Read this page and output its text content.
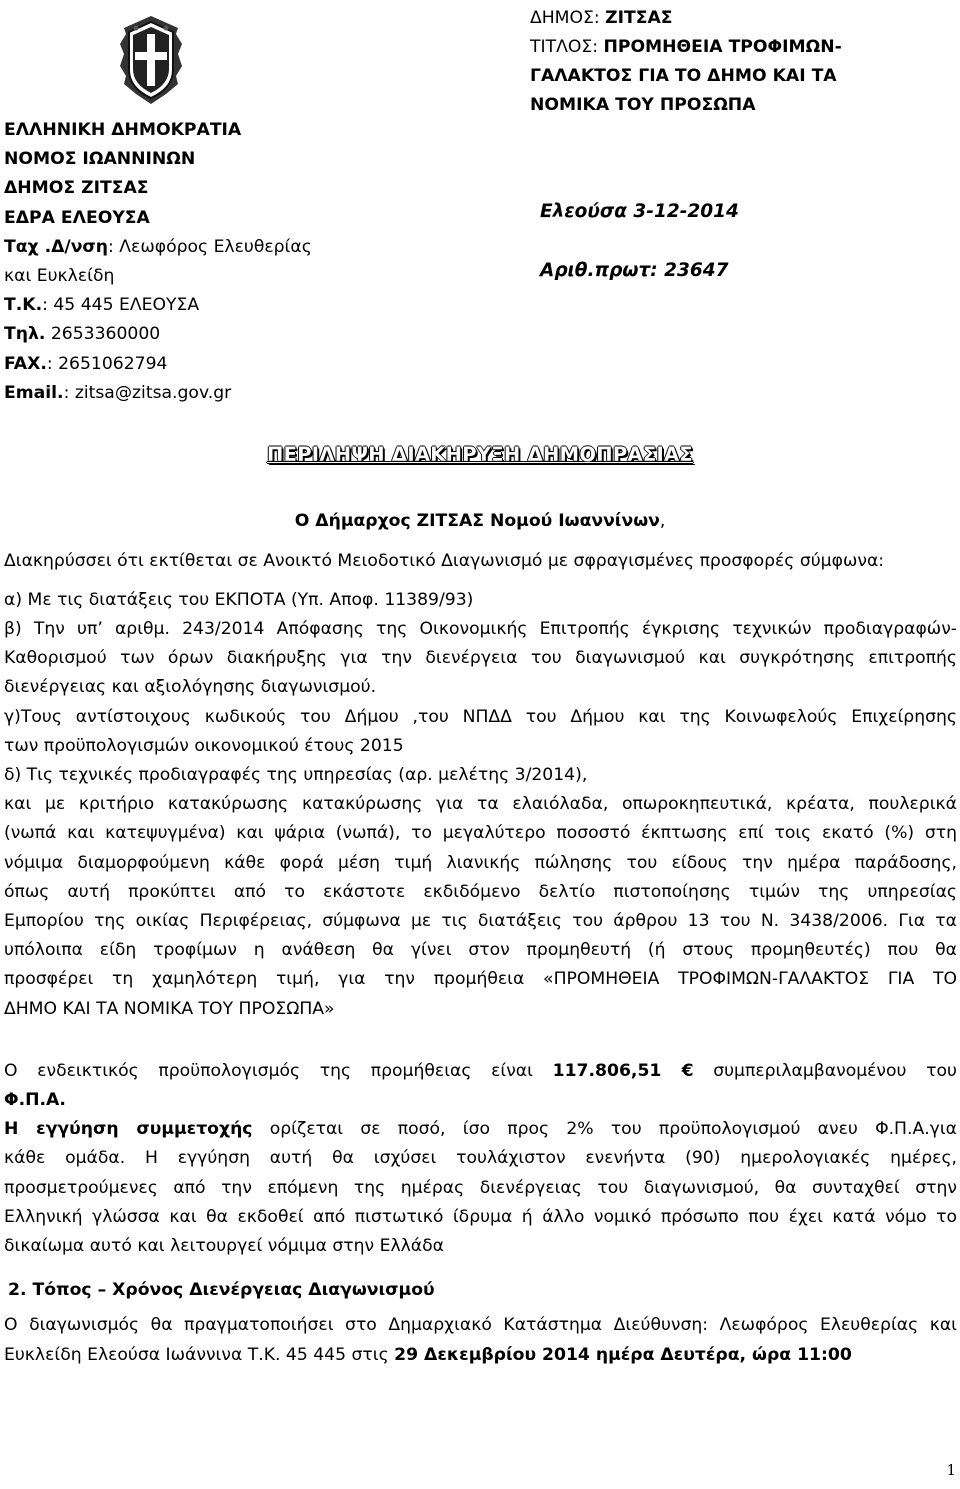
ΕΛΛΗΝΙΚΗ ΔΗΜΟΚΡΑΤΙΑ
ΝΟΜΟΣ ΙΩΑΝΝΙΝΩΝ
ΔΗΜΟΣ ΖΙΤΣΑΣ
ΕΔΡΑ ΕΛΕΟΥΣΑ
Ταχ .Δ/νση: Λεωφόρος Ελευθερίας
και Ευκλείδη
Τ.Κ.: 45 445 ΕΛΕΟΥΣΑ
Τηλ. 2653360000
FAX.: 2651062794
Email.: zitsa@zitsa.gov.gr
ΔΗΜΟΣ: ΖΙΤΣΑΣ
ΤΙΤΛΟΣ: ΠΡΟΜΗΘΕΙΑ ΤΡΟΦΙΜΩΝ-
ΓΑΛΑΚΤΟΣ ΓΙΑ ΤΟ ΔΗΜΟ ΚΑΙ ΤΑ
ΝΟΜΙΚΑ ΤΟΥ ΠΡΟΣΩΠΑ
Ελεούσα 3-12-2014
Αριθ.πρωτ: 23647
ΠΕΡΙΛΗΨΗ ΔΙΑΚΗΡΥΞΗ ΔΗΜΟΠΡΑΣΙΑΣ
Ο Δήμαρχος ΖΙΤΣΑΣ Νομού Ιωαννίνων,
Διακηρύσσει ότι εκτίθεται σε Ανοικτό Μειοδοτικό Διαγωνισμό με σφραγισμένες προσφορές σύμφωνα:
α) Με τις διατάξεις του ΕΚΠΟΤΑ (Υπ. Αποφ. 11389/93)
β) Την υπ’ αριθμ. 243/2014 Απόφασης της Οικονομικής Επιτροπής έγκρισης τεχνικών προδιαγραφών-
Καθορισμού των όρων διακήρυξης για την διενέργεια του διαγωνισμού και συγκρότησης επιτροπής
διενέργειας και αξιολόγησης διαγωνισμού.
γ)Τους αντίστοιχους κωδικούς του Δήμου ,του ΝΠΔΔ του Δήμου και της Κοινωφελούς Επιχείρησης
των προϋπολογισμών οικονομικού έτους 2015
δ) Τις τεχνικές προδιαγραφές της υπηρεσίας (αρ. μελέτης 3/2014),
και με κριτήριο κατακύρωσης κατακύρωσης για τα ελαιόλαδα, οπωροκηπευτικά, κρέατα, πουλερικά
(νωπά και κατεψυγμένα) και ψάρια (νωπά), το μεγαλύτερο ποσοστό έκπτωσης επί τοις εκατό (%) στη
νόμιμα διαμορφούμενη κάθε φορά μέση τιμή λιανικής πώλησης του είδους την ημέρα παράδοσης,
όπως αυτή προκύπτει από το εκάστοτε εκδιδόμενο δελτίο πιστοποίησης τιμών της υπηρεσίας
Εμπορίου της οικίας Περιφέρειας, σύμφωνα με τις διατάξεις του άρθρου 13 του Ν. 3438/2006. Για τα
υπόλοιπα είδη τροφίμων η ανάθεση θα γίνει στον προμηθευτή (ή στους προμηθευτές) που θα
προσφέρει τη χαμηλότερη τιμή, για την προμήθεια «ΠΡΟΜΗΘΕΙΑ ΤΡΟΦΙΜΩΝ-ΓΑΛΑΚΤΟΣ ΓΙΑ ΤΟ
ΔΗΜΟ ΚΑΙ ΤΑ ΝΟΜΙΚΑ ΤΟΥ ΠΡΟΣΩΠΑ»
Ο ενδεικτικός προϋπολογισμός της προμήθειας είναι 117.806,51 € συμπεριλαμβανομένου του
Φ.Π.Α.
Η εγγύηση συμμετοχής ορίζεται σε ποσό, ίσο προς 2% του προϋπολογισμού ανευ Φ.Π.Α.για
κάθε ομάδα. Η εγγύηση αυτή θα ισχύσει τουλάχιστον ενενήντα (90) ημερολογιακές ημέρες,
προσμετρούμενες από την επόμενη της ημέρας διενέργειας του διαγωνισμού, θα συνταχθεί στην
Ελληνική γλώσσα και θα εκδοθεί από πιστωτικό ίδρυμα ή άλλο νομικό πρόσωπο που έχει κατά νόμο το
δικαίωμα αυτό και λειτουργεί νόμιμα στην Ελλάδα
2. Τόπος – Χρόνος Διενέργειας Διαγωνισμού
Ο διαγωνισμός θα πραγματοποιήσει στο Δημαρχιακό Κατάστημα Διεύθυνση: Λεωφόρος Ελευθερίας και
Ευκλείδη Ελεούσα Ιωάννινα Τ.Κ. 45 445 στις 29 Δεκεμβρίου 2014 ημέρα Δευτέρα, ώρα 11:00
1
